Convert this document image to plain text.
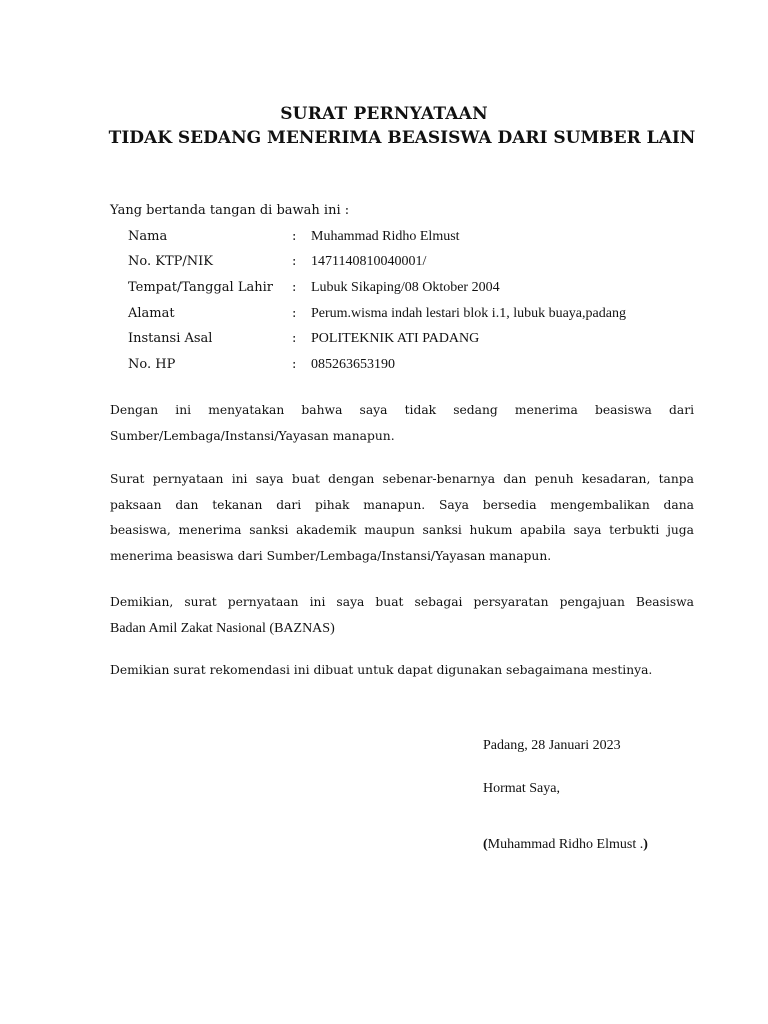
SURAT PERNYATAAN
TIDAK SEDANG MENERIMA BEASISWA DARI SUMBER LAIN
Yang bertanda tangan di bawah ini :
Nama	: Muhammad Ridho Elmust
No. KTP/NIK	: 1471140810040001/
Tempat/Tanggal Lahir : Lubuk Sikaping/08 Oktober 2004
Alamat	: Perum.wisma indah lestari blok i.1, lubuk buaya,padang
Instansi Asal	: POLITEKNIK ATI PADANG
No. HP	: 085263653190
Dengan ini menyatakan bahwa saya tidak sedang menerima beasiswa dari
Sumber/Lembaga/Instansi/Yayasan manapun.
Surat pernyataan ini saya buat dengan sebenar-benarnya dan penuh kesadaran, tanpa
paksaan dan tekanan dari pihak manapun. Saya bersedia mengembalikan dana
beasiswa, menerima sanksi akademik maupun sanksi hukum apabila saya terbukti juga
menerima beasiswa dari Sumber/Lembaga/Instansi/Yayasan manapun.
Demikian, surat pernyataan ini saya buat sebagai persyaratan pengajuan Beasiswa
Badan Amil Zakat Nasional (BAZNAS)
Demikian surat rekomendasi ini dibuat untuk dapat digunakan sebagaimana mestinya.
Padang, 28 Januari 2023
Hormat Saya,
(Muhammad Ridho Elmust .)
